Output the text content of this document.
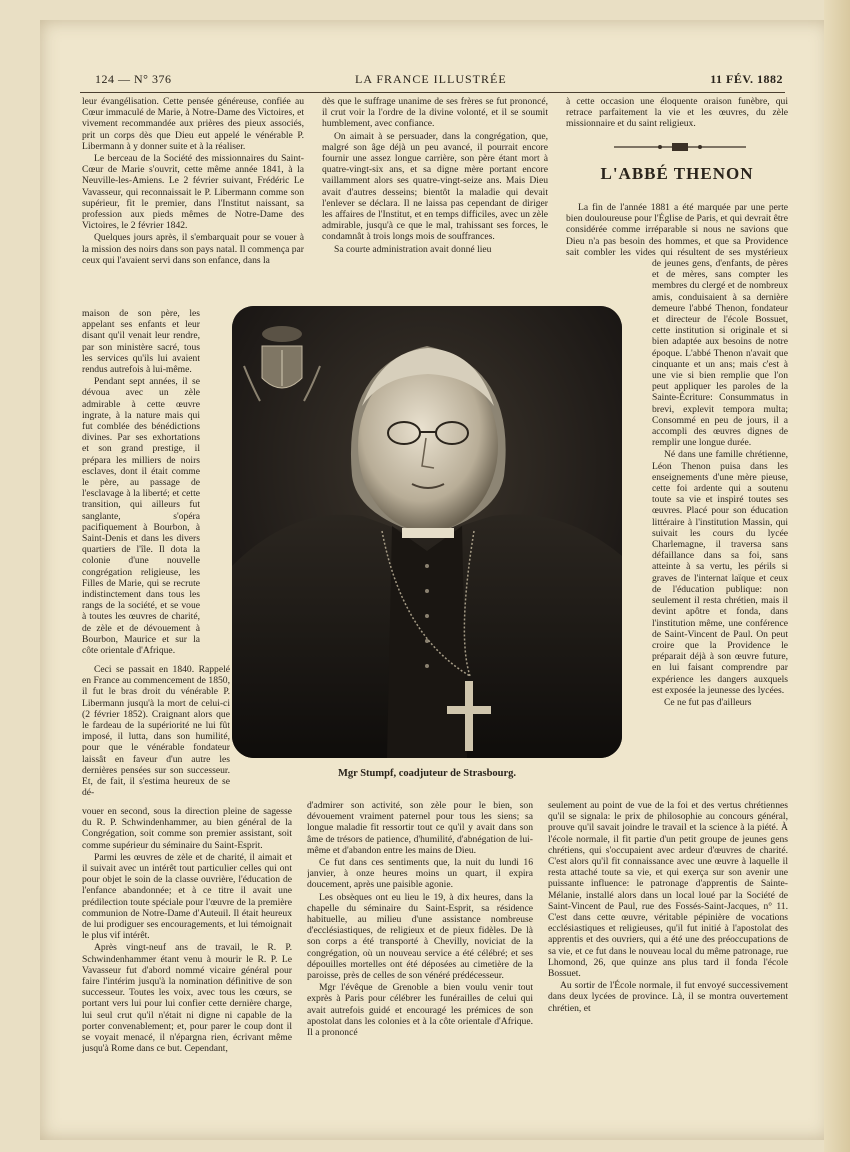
124 — N° 376	LA FRANCE ILLUSTRÉE	11 FÉV. 1882

leur évangélisation. Cette pensée généreuse, confiée au Cœur immaculé de Marie, à Notre-Dame des Victoires, et vivement recommandée aux prières des pieux associés, prit un corps dès que Dieu eut appelé le vénérable P. Libermann à y donner suite et à la réaliser.

Le berceau de la Société des missionnaires du Saint-Cœur de Marie s'ouvrit, cette même année 1841, à la Neuville-les-Amiens. Le 2 février suivant, Frédéric Le Vavasseur, qui reconnaissait le P. Libermann comme son supérieur, fit le premier, dans l'Institut naissant, sa profession aux pieds mêmes de Notre-Dame des Victoires, le 2 février 1842.

Quelques jours après, il s'embarquait pour se vouer à la mission des noirs dans son pays natal. Il commença par ceux qui l'avaient servi dans son enfance, dans la

maison de son père, les appelant ses enfants et leur disant qu'il venait leur rendre, par son ministère sacré, tous les services qu'ils lui avaient rendus autrefois à lui-même.

Pendant sept années, il se dévoua avec un zèle admirable à cette œuvre ingrate, à la nature mais qui fut comblée des bénédictions divines. Par ses exhortations et son grand prestige, il prépara les milliers de noirs esclaves, dont il était comme le père, au passage de l'esclavage à la liberté; et cette transition, qui ailleurs fut sanglante, s'opéra pacifiquement à Bourbon, à Saint-Denis et dans les divers quartiers de l'île. Il dota la colonie d'une nouvelle congrégation religieuse, les Filles de Marie, qui se recrute indistinctement dans tous les rangs de la société, et se voue à toutes les œuvres de charité, de zèle et de dévouement à Bourbon, Maurice et sur la côte orientale d'Afrique.

Ceci se passait en 1840. Rappelé en France au commencement de 1850, il fut le bras droit du vénérable P. Libermann jusqu'à la mort de celui-ci (2 février 1852). Craignant alors que le fardeau de la supériorité ne lui fût imposé, il lutta, dans son humilité, pour que le vénérable fondateur laissât en faveur d'un autre les dernières pensées sur son successeur. Et, de fait, il s'estima heureux de se dé-

vouer en second, sous la direction pleine de sagesse du R. P. Schwindenhammer, au bien général de la Congrégation, soit comme son premier assistant, soit comme supérieur du séminaire du Saint-Esprit.

Parmi les œuvres de zèle et de charité, il aimait et il suivait avec un intérêt tout particulier celles qui ont pour objet le soin de la classe ouvrière, l'éducation de l'enfance abandonnée; et à ce titre il avait une prédilection toute spéciale pour l'œuvre de la première communion de Notre-Dame d'Auteuil. Il était heureux de lui prodiguer ses encouragements, et lui témoignait le plus vif intérêt.

Après vingt-neuf ans de travail, le R. P. Schwindenhammer étant venu à mourir le R. P. Le Vavasseur fut d'abord nommé vicaire général pour faire l'intérim jusqu'à la nomination définitive de son successeur. Toutes les voix, avec tous les cœurs, se portant vers lui pour lui confier cette dernière charge, lui seul crut qu'il n'était ni digne ni capable de la porter convenablement; et, pour parer le coup dont il se voyait menacé, il n'épargna rien, écrivant même jusqu'à Rome dans ce but. Cependant,

dès que le suffrage unanime de ses frères se fut prononcé, il crut voir la l'ordre de la divine volonté, et il se soumit humblement, avec confiance.

On aimait à se persuader, dans la congrégation, que, malgré son âge déjà un peu avancé, il pourrait encore fournir une assez longue carrière, son père étant mort à quatre-vingt-six ans, et sa digne mère portant encore vaillamment alors ses quatre-vingt-seize ans. Mais Dieu avait d'autres desseins; bientôt la maladie qui devait l'enlever se déclara. Il ne laissa pas cependant de diriger les affaires de l'Institut, et en temps difficiles, avec un zèle admirable, jusqu'à ce que le mal, trahissant ses forces, le condamnât à trois longs mois de souffrances.

Sa courte administration avait donné lieu

à cette occasion une éloquente oraison funèbre, qui retrace parfaitement la vie et les œuvres, du zèle missionnaire et du saint religieux.

L'ABBÉ THENON

La fin de l'année 1881 a été marquée par une perte bien douloureuse pour l'Église de Paris, et qui devrait être considérée comme irréparable si nous ne savions que Dieu n'a pas besoin des hommes, et que sa Providence sait combler les vides qui résultent de ses mystérieux

de jeunes gens, d'enfants, de pères et de mères, sans compter les membres du clergé et de nombreux amis, conduisaient à sa dernière demeure l'abbé Thenon, fondateur et directeur de l'école Bossuet, cette institution si originale et si bien adaptée aux besoins de notre époque. L'abbé Thenon n'avait que cinquante et un ans; mais c'est à une vie si bien remplie que l'on peut appliquer les paroles de la Sainte-Écriture: Consummatus in brevi, explevit tempora multa; Consommé en peu de jours, il a accompli des œuvres dignes de remplir une longue durée.

Né dans une famille chrétienne, Léon Thenon puisa dans les enseignements d'une mère pieuse, cette foi ardente qui a soutenu toute sa vie et inspiré toutes ses œuvres. Placé pour son éducation littéraire à l'institution Massin, qui suivait les cours du lycée Charlemagne, il traversa sans défaillance dans sa foi, sans atteinte à sa vertu, les périls si graves de l'internat laïque et ceux de l'éducation publique: non seulement il resta chrétien, mais il devint apôtre et fonda, dans l'institution même, une conférence de Saint-Vincent de Paul. On peut croire que la Providence le préparait déjà à son œuvre future, en lui faisant comprendre par expérience les dangers auxquels est exposée la jeunesse des lycées.

Ce ne fut pas d'ailleurs

Mgr Stumpf, coadjuteur de Strasbourg.

d'admirer son activité, son zèle pour le bien, son dévouement vraiment paternel pour tous les siens; sa longue maladie fit ressortir tout ce qu'il y avait dans son âme de trésors de patience, d'humilité, d'abnégation de lui-même et d'abandon entre les mains de Dieu.

Ce fut dans ces sentiments que, la nuit du lundi 16 janvier, à onze heures moins un quart, il expira doucement, après une paisible agonie.

Les obsèques ont eu lieu le 19, à dix heures, dans la chapelle du séminaire du Saint-Esprit, sa résidence habituelle, au milieu d'une assistance nombreuse d'ecclésiastiques, de religieux et de pieux fidèles. De là son corps a été transporté à Chevilly, noviciat de la congrégation, où un nouveau service a été célébré; et ses dépouilles mortelles ont été déposées au cimetière de la paroisse, près de celles de son vénéré prédécesseur.

Mgr l'évêque de Grenoble a bien voulu venir tout exprès à Paris pour célébrer les funérailles de celui qui avait autrefois guidé et encouragé les prémices de son apostolat dans les colonies et à la côte orientale d'Afrique. Il a prononcé

seulement au point de vue de la foi et des vertus chrétiennes qu'il se signala: le prix de philosophie au concours général, prouve qu'il savait joindre le travail et la science à la piété. À l'école normale, il fit partie d'un petit groupe de jeunes gens chrétiens, qui s'occupaient avec ardeur d'œuvres de charité. C'est alors qu'il fit connaissance avec une œuvre à laquelle il resta attaché toute sa vie, et qui exerça sur son avenir une puissante influence: le patronage d'apprentis de Sainte-Mélanie, installé alors dans un local loué par la Société de Saint-Vincent de Paul, rue des Fossés-Saint-Jacques, n° 11. C'est dans cette œuvre, véritable pépinière de vocations ecclésiastiques et religieuses, qu'il fut initié à l'apostolat des apprentis et des ouvriers, qui a été une des préoccupations de sa vie, et ce fut dans le nouveau local du même patronage, rue Lhomond, 26, que quinze ans plus tard il fonda l'école Bossuet.

Au sortir de l'École normale, il fut envoyé successivement dans deux lycées de province. Là, il se montra ouvertement chrétien, et
